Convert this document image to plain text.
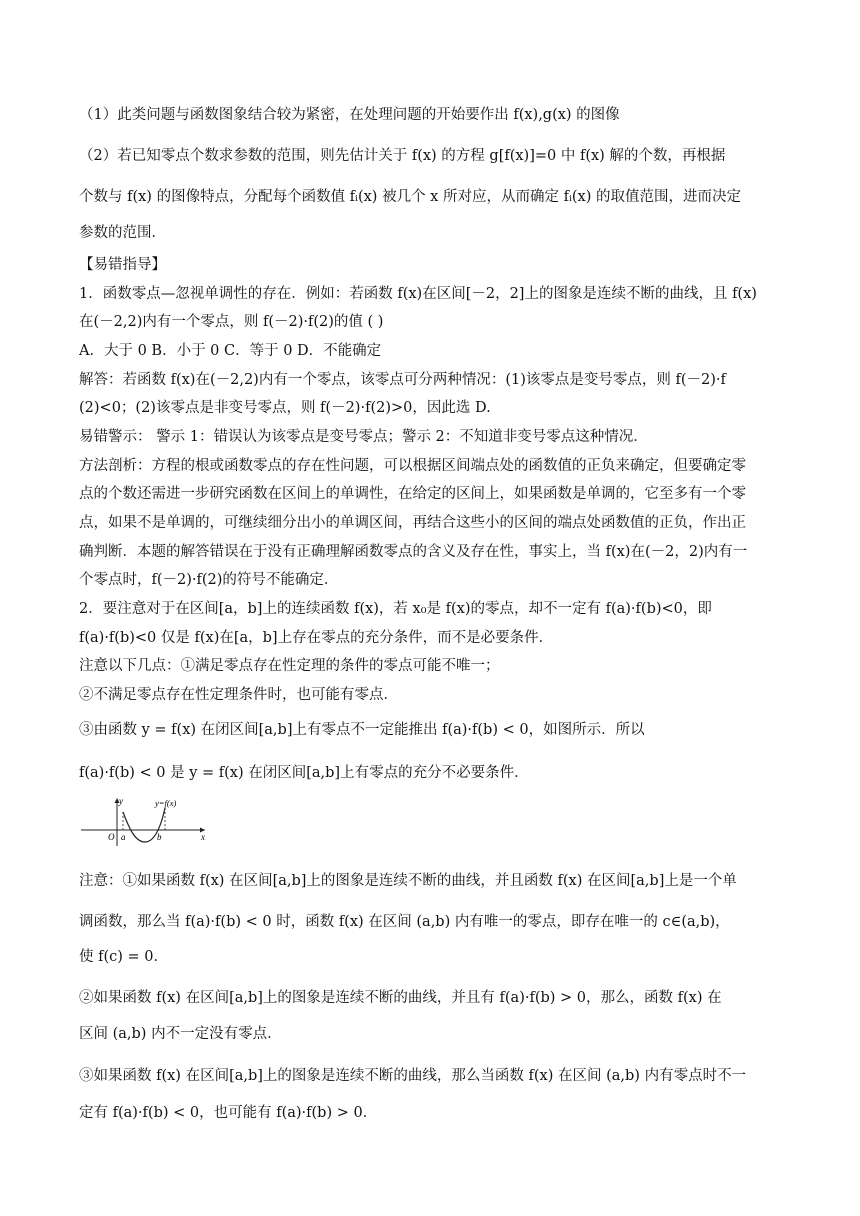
（1）此类问题与函数图象结合较为紧密，在处理问题的开始要作出 f(x),g(x) 的图像
（2）若已知零点个数求参数的范围，则先估计关于 f(x) 的方程 g[f(x)]=0 中 f(x) 解的个数，再根据
个数与 f(x) 的图像特点，分配每个函数值 fᵢ(x) 被几个 x 所对应，从而确定 fᵢ(x) 的取值范围，进而决定
参数的范围．
【易错指导】
1．函数零点—忽视单调性的存在．例如：若函数 f(x)在区间[－2，2]上的图象是连续不断的曲线，且 f(x)
在(－2,2)内有一个零点，则 f(－2)·f(2)的值 ( )
A．大于 0 B．小于 0 C．等于 0 D．不能确定
解答：若函数 f(x)在(－2,2)内有一个零点，该零点可分两种情况：(1)该零点是变号零点，则 f(－2)·f
(2)<0；(2)该零点是非变号零点，则 f(－2)·f(2)>0，因此选 D.
易错警示： 警示 1：错误认为该零点是变号零点；警示 2：不知道非变号零点这种情况．
方法剖析：方程的根或函数零点的存在性问题，可以根据区间端点处的函数值的正负来确定，但要确定零
点的个数还需进一步研究函数在区间上的单调性，在给定的区间上，如果函数是单调的，它至多有一个零
点，如果不是单调的，可继续细分出小的单调区间，再结合这些小的区间的端点处函数值的正负，作出正
确判断．本题的解答错误在于没有正确理解函数零点的含义及存在性，事实上，当 f(x)在(－2，2)内有一
个零点时，f(－2)·f(2)的符号不能确定．
2．要注意对于在区间[a，b]上的连续函数 f(x)，若 x₀是 f(x)的零点，却不一定有 f(a)·f(b)<0，即
f(a)·f(b)<0 仅是 f(x)在[a，b]上存在零点的充分条件，而不是必要条件．
注意以下几点：①满足零点存在性定理的条件的零点可能不唯一；
②不满足零点存在性定理条件时，也可能有零点．
③由函数 y = f(x) 在闭区间[a,b]上有零点不一定能推出 f(a)·f(b) < 0，如图所示．所以
f(a)·f(b) < 0 是 y = f(x) 在闭区间[a,b]上有零点的充分不必要条件．
y	y=f(x)
O a	b	x
注意：①如果函数 f(x) 在区间[a,b]上的图象是连续不断的曲线，并且函数 f(x) 在区间[a,b]上是一个单
调函数，那么当 f(a)·f(b) < 0 时，函数 f(x) 在区间 (a,b) 内有唯一的零点，即存在唯一的 c∈(a,b)，
使 f(c) = 0．
②如果函数 f(x) 在区间[a,b]上的图象是连续不断的曲线，并且有 f(a)·f(b) > 0，那么，函数 f(x) 在
区间 (a,b) 内不一定没有零点．
③如果函数 f(x) 在区间[a,b]上的图象是连续不断的曲线，那么当函数 f(x) 在区间 (a,b) 内有零点时不一
定有 f(a)·f(b) < 0，也可能有 f(a)·f(b) > 0．
